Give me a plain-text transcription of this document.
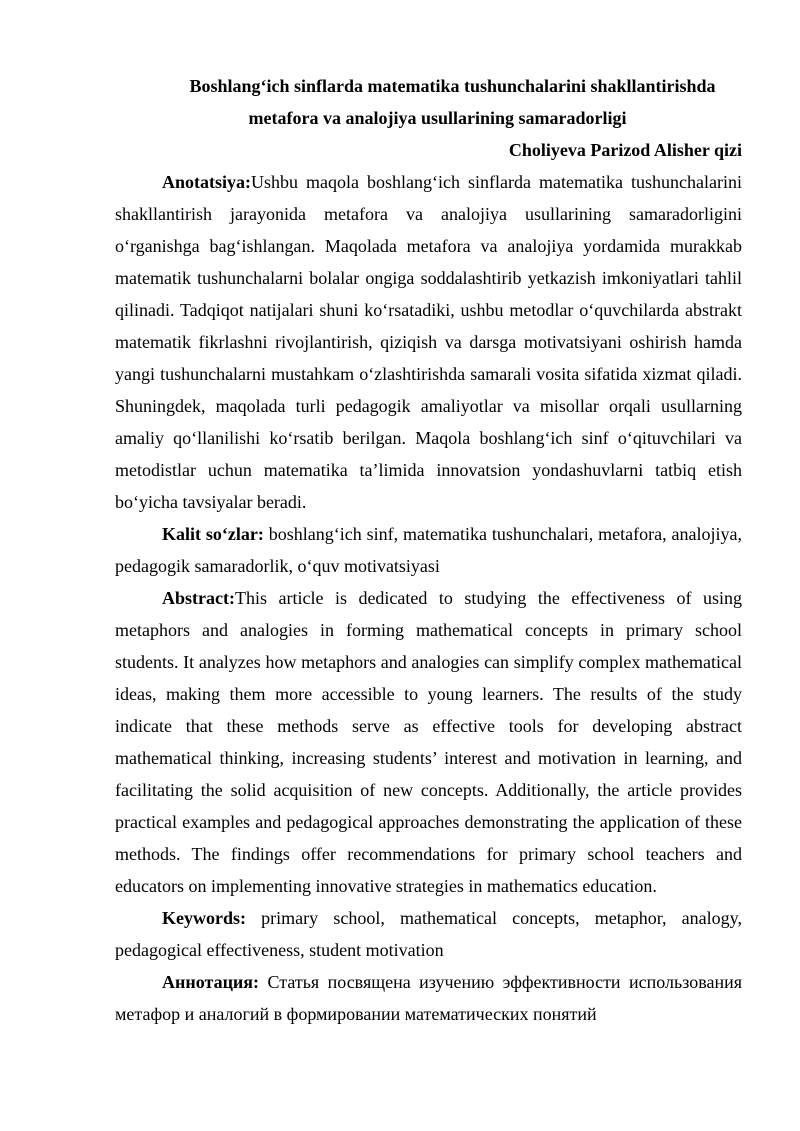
Boshlang‘ich sinflarda matematika tushunchalarini shakllantirishda
metafora va analojiya usullarining samaradorligi

Choliyeva Parizod Alisher qizi

Anotatsiya:Ushbu maqola boshlang‘ich sinflarda matematika tushunchalarini shakllantirish jarayonida metafora va analojiya usullarining samaradorligini o‘rganishga bag‘ishlangan. Maqolada metafora va analojiya yordamida murakkab matematik tushunchalarni bolalar ongiga soddalashtirib yetkazish imkoniyatlari tahlil qilinadi. Tadqiqot natijalari shuni ko‘rsatadiki, ushbu metodlar o‘quvchilarda abstrakt matematik fikrlashni rivojlantirish, qiziqish va darsga motivatsiyani oshirish hamda yangi tushunchalarni mustahkam o‘zlashtirishda samarali vosita sifatida xizmat qiladi. Shuningdek, maqolada turli pedagogik amaliyotlar va misollar orqali usullarning amaliy qo‘llanilishi ko‘rsatib berilgan. Maqola boshlang‘ich sinf o‘qituvchilari va metodistlar uchun matematika ta’limida innovatsion yondashuvlarni tatbiq etish bo‘yicha tavsiyalar beradi.

Kalit so‘zlar: boshlang‘ich sinf, matematika tushunchalari, metafora, analojiya, pedagogik samaradorlik, o‘quv motivatsiyasi

Abstract:This article is dedicated to studying the effectiveness of using metaphors and analogies in forming mathematical concepts in primary school students. It analyzes how metaphors and analogies can simplify complex mathematical ideas, making them more accessible to young learners. The results of the study indicate that these methods serve as effective tools for developing abstract mathematical thinking, increasing students’ interest and motivation in learning, and facilitating the solid acquisition of new concepts. Additionally, the article provides practical examples and pedagogical approaches demonstrating the application of these methods. The findings offer recommendations for primary school teachers and educators on implementing innovative strategies in mathematics education.

Keywords: primary school, mathematical concepts, metaphor, analogy, pedagogical effectiveness, student motivation

Аннотация: Статья посвящена изучению эффективности использования метафор и аналогий в формировании математических понятий
